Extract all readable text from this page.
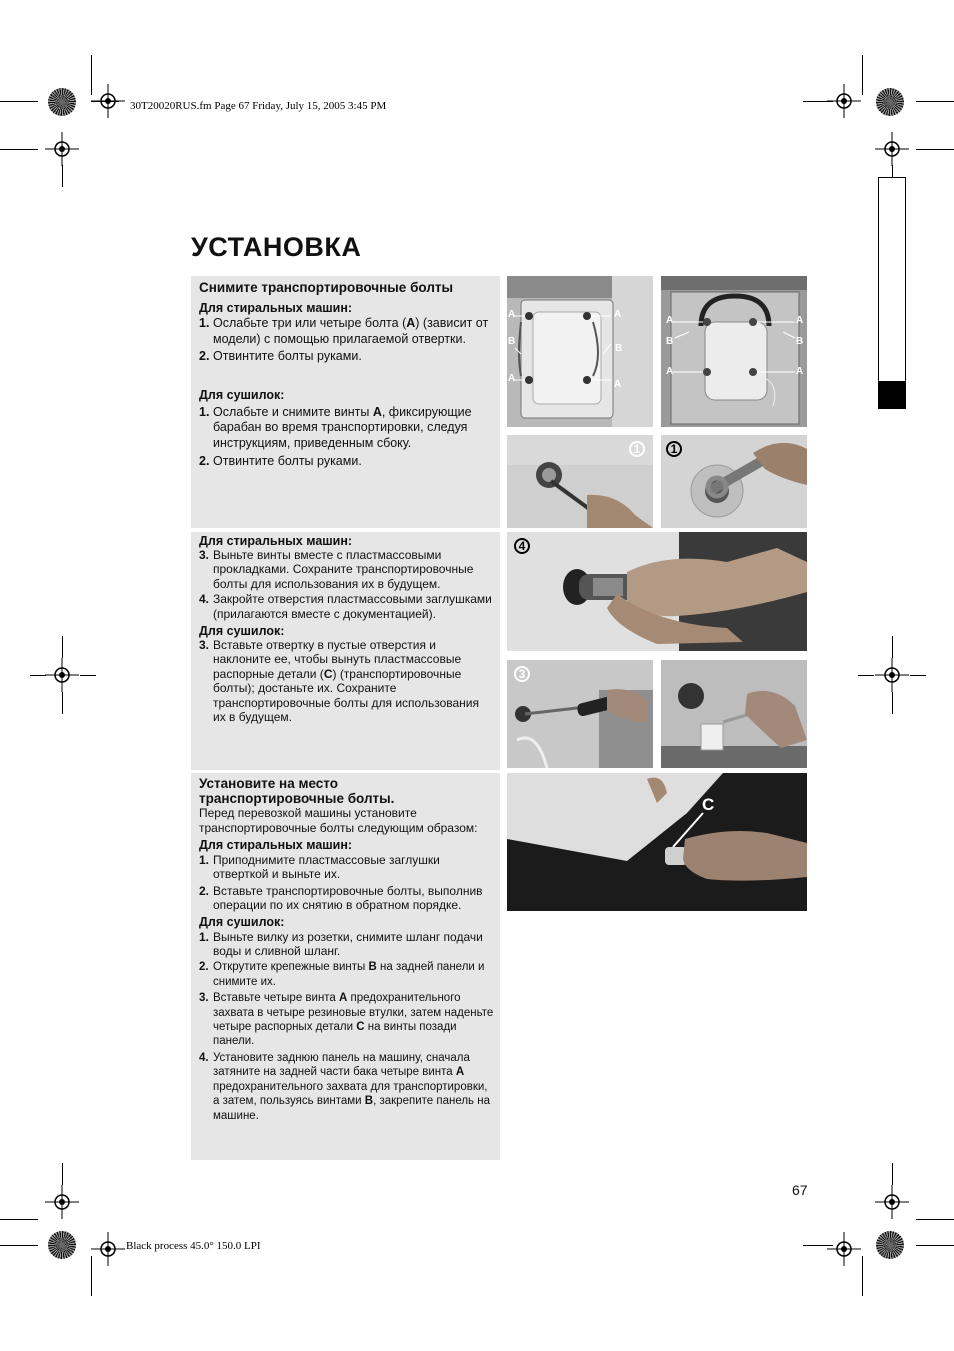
30T20020RUS.fm Page 67 Friday, July 15, 2005 3:45 PM
Black process 45.0° 150.0 LPI
УСТАНОВКА
Снимите транспортировочные болты
Для стиральных машин:
1. Ослабьте три или четыре болта (A) (зависит от модели) с помощью прилагаемой отвертки.
2. Отвинтите болты руками.
Для сушилок:
1. Ослабьте и снимите винты A, фиксирующие барабан во время транспортировки, следуя инструкциям, приведенным сбоку.
2. Отвинтите болты руками.
Для стиральных машин:
3. Выньте винты вместе с пластмассовыми прокладками. Сохраните транспортировочные болты для использования их в будущем.
4. Закройте отверстия пластмассовыми заглушками (прилагаются вместе с документацией).
Для сушилок:
3. Вставьте отвертку в пустые отверстия и наклоните ее, чтобы вынуть пластмассовые распорные детали (C) (транспортировочные болты); достаньте их. Сохраните транспортировочные болты для использования их в будущем.
Установите на место транспортировочные болты.
Перед перевозкой машины установите транспортировочные болты следующим образом:
Для стиральных машин:
1. Приподнимите пластмассовые заглушки отверткой и выньте их.
2. Вставьте транспортировочные болты, выполнив операции по их снятию в обратном порядке.
Для сушилок:
1. Выньте вилку из розетки, снимите шланг подачи воды и сливной шланг.
2. Открутите крепежные винты B на задней панели и снимите их.
3. Вставьте четыре винта A предохранительного захвата в четыре резиновые втулки, затем наденьте четыре распорных детали C на винты позади панели.
4. Установите заднюю панель на машину, сначала затяните на задней части бака четыре винта A предохранительного захвата для транспортировки, а затем, пользуясь винтами B, закрепите панель на машине.
A	A
B
B
A
A
A	A
B	B
A	A
1	1
4
3
C
67
